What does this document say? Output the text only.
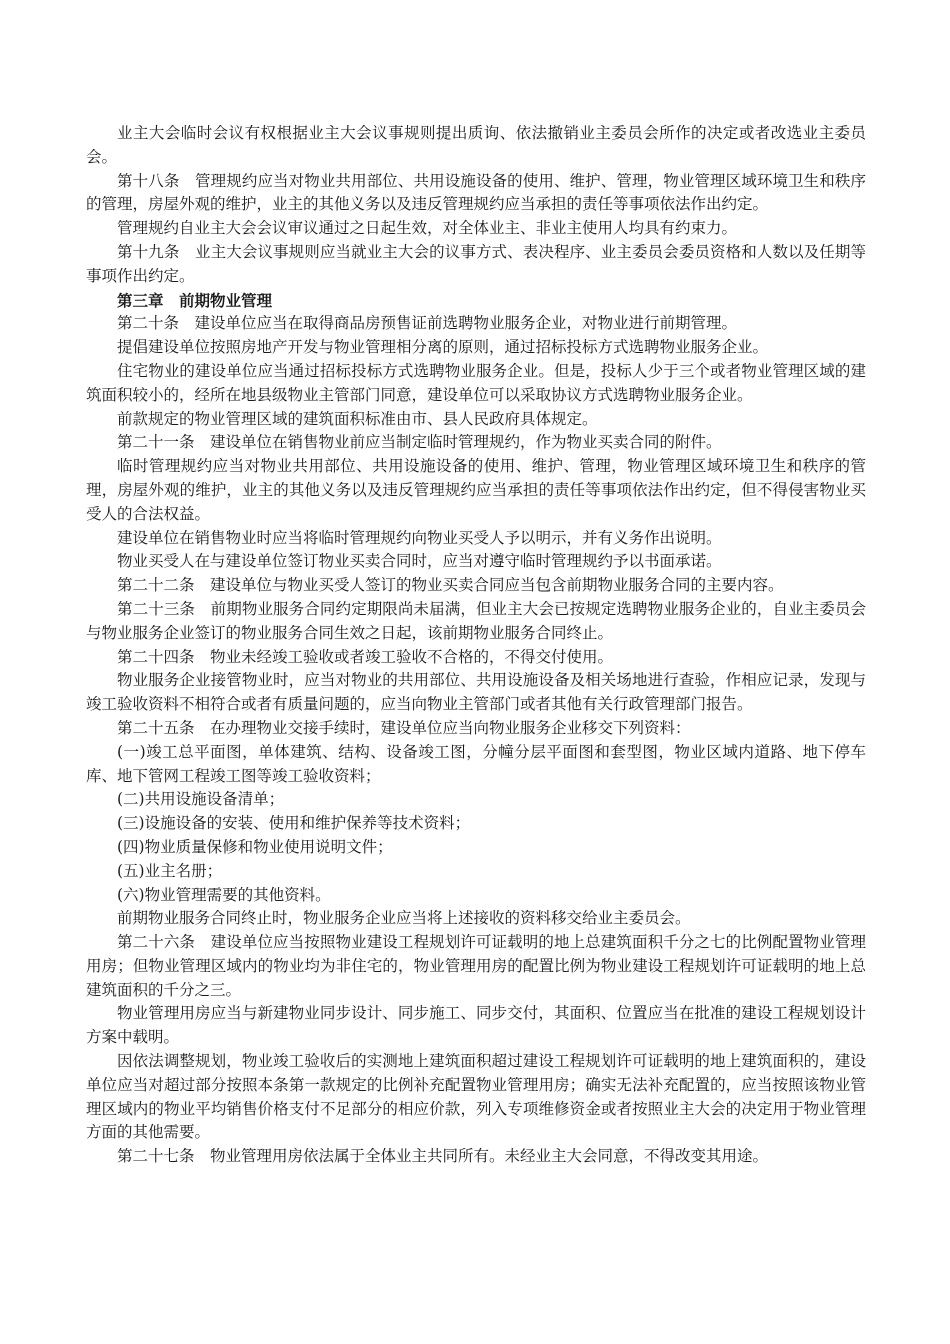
业主大会临时会议有权根据业主大会议事规则提出质询、依法撤销业主委员会所作的决定或者改选业主委员会。

第十八条　管理规约应当对物业共用部位、共用设施设备的使用、维护、管理，物业管理区域环境卫生和秩序的管理，房屋外观的维护，业主的其他义务以及违反管理规约应当承担的责任等事项依法作出约定。

管理规约自业主大会会议审议通过之日起生效，对全体业主、非业主使用人均具有约束力。

第十九条　业主大会议事规则应当就业主大会的议事方式、表决程序、业主委员会委员资格和人数以及任期等事项作出约定。

第三章　前期物业管理

第二十条　建设单位应当在取得商品房预售证前选聘物业服务企业，对物业进行前期管理。

提倡建设单位按照房地产开发与物业管理相分离的原则，通过招标投标方式选聘物业服务企业。

住宅物业的建设单位应当通过招标投标方式选聘物业服务企业。但是，投标人少于三个或者物业管理区域的建筑面积较小的，经所在地县级物业主管部门同意，建设单位可以采取协议方式选聘物业服务企业。

前款规定的物业管理区域的建筑面积标准由市、县人民政府具体规定。

第二十一条　建设单位在销售物业前应当制定临时管理规约，作为物业买卖合同的附件。

临时管理规约应当对物业共用部位、共用设施设备的使用、维护、管理，物业管理区域环境卫生和秩序的管理，房屋外观的维护，业主的其他义务以及违反管理规约应当承担的责任等事项依法作出约定，但不得侵害物业买受人的合法权益。

建设单位在销售物业时应当将临时管理规约向物业买受人予以明示，并有义务作出说明。

物业买受人在与建设单位签订物业买卖合同时，应当对遵守临时管理规约予以书面承诺。

第二十二条　建设单位与物业买受人签订的物业买卖合同应当包含前期物业服务合同的主要内容。

第二十三条　前期物业服务合同约定期限尚未届满，但业主大会已按规定选聘物业服务企业的，自业主委员会与物业服务企业签订的物业服务合同生效之日起，该前期物业服务合同终止。

第二十四条　物业未经竣工验收或者竣工验收不合格的，不得交付使用。

物业服务企业接管物业时，应当对物业的共用部位、共用设施设备及相关场地进行查验，作相应记录，发现与竣工验收资料不相符合或者有质量问题的，应当向物业主管部门或者其他有关行政管理部门报告。

第二十五条　在办理物业交接手续时，建设单位应当向物业服务企业移交下列资料：

(一)竣工总平面图，单体建筑、结构、设备竣工图，分幢分层平面图和套型图，物业区域内道路、地下停车库、地下管网工程竣工图等竣工验收资料；

(二)共用设施设备清单；

(三)设施设备的安装、使用和维护保养等技术资料；

(四)物业质量保修和物业使用说明文件；

(五)业主名册；

(六)物业管理需要的其他资料。

前期物业服务合同终止时，物业服务企业应当将上述接收的资料移交给业主委员会。

第二十六条　建设单位应当按照物业建设工程规划许可证载明的地上总建筑面积千分之七的比例配置物业管理用房；但物业管理区域内的物业均为非住宅的，物业管理用房的配置比例为物业建设工程规划许可证载明的地上总建筑面积的千分之三。

物业管理用房应当与新建物业同步设计、同步施工、同步交付，其面积、位置应当在批准的建设工程规划设计方案中载明。

因依法调整规划，物业竣工验收后的实测地上建筑面积超过建设工程规划许可证载明的地上建筑面积的，建设单位应当对超过部分按照本条第一款规定的比例补充配置物业管理用房；确实无法补充配置的，应当按照该物业管理区域内的物业平均销售价格支付不足部分的相应价款，列入专项维修资金或者按照业主大会的决定用于物业管理方面的其他需要。

第二十七条　物业管理用房依法属于全体业主共同所有。未经业主大会同意，不得改变其用途。
